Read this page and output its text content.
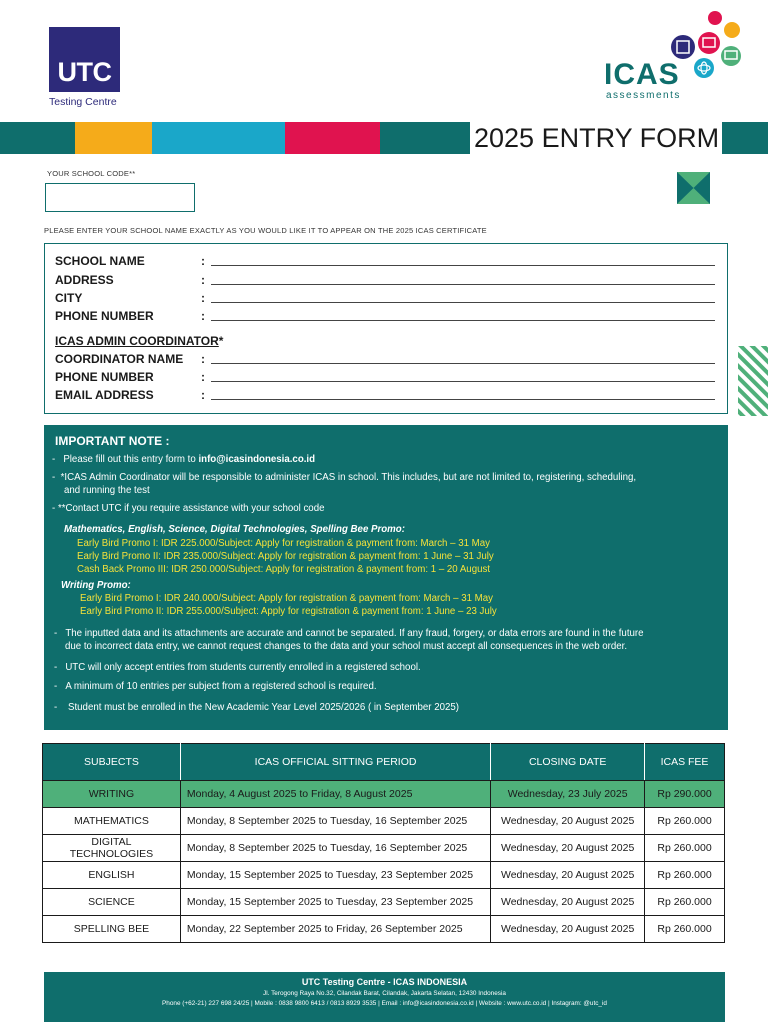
UTC
Testing Centre
ICAS
assessments
2025 ENTRY FORM
YOUR SCHOOL CODE**
PLEASE ENTER YOUR SCHOOL NAME EXACTLY AS YOU WOULD LIKE IT TO APPEAR ON THE 2025 ICAS CERTIFICATE
SCHOOL NAME	:
ADDRESS	:
CITY	:
PHONE NUMBER	:
ICAS ADMIN COORDINATOR*
COORDINATOR NAME :
PHONE NUMBER	:
EMAIL ADDRESS	:
IMPORTANT NOTE :

- Please fill out this entry form to info@icasindonesia.co.id

- *ICAS Admin Coordinator will be responsible to administer ICAS in school. This includes, but are not limited to, registering, scheduling,

and running the test

- **Contact UTC if you require assistance with your school code

Mathematics, English, Science, Digital Technologies, Spelling Bee Promo:

Early Bird Promo I: IDR 225.000/Subject: Apply for registration & payment from: March – 31 May

Early Bird Promo II: IDR 235.000/Subject: Apply for registration & payment from: 1 June – 31 July

Cash Back Promo III: IDR 250.000/Subject: Apply for registration & payment from: 1 – 20 August

Writing Promo:

Early Bird Promo I: IDR 240.000/Subject: Apply for registration & payment from: March – 31 May

Early Bird Promo II: IDR 255.000/Subject: Apply for registration & payment from: 1 June – 23 July

- The inputted data and its attachments are accurate and cannot be separated. If any fraud, forgery, or data errors are found in the future

due to incorrect data entry, we cannot request changes to the data and your school must accept all consequences in the web order.

- UTC will only accept entries from students currently enrolled in a registered school.

- A minimum of 10 entries per subject from a registered school is required.

- Student must be enrolled in the New Academic Year Level 2025/2026 ( in September 2025)

SUBJECTS	ICAS OFFICIAL SITTING PERIOD	CLOSING DATE	ICAS FEE
WRITING	Monday, 4 August 2025 to Friday, 8 August 2025	Wednesday, 23 July 2025	Rp 290.000
MATHEMATICS	Monday, 8 September 2025 to Tuesday, 16 September 2025	Wednesday, 20 August 2025	Rp 260.000
DIGITAL TECHNOLOGIES	Monday, 8 September 2025 to Tuesday, 16 September 2025	Wednesday, 20 August 2025	Rp 260.000
ENGLISH	Monday, 15 September 2025 to Tuesday, 23 September 2025	Wednesday, 20 August 2025	Rp 260.000
SCIENCE	Monday, 15 September 2025 to Tuesday, 23 September 2025	Wednesday, 20 August 2025	Rp 260.000
SPELLING BEE	Monday, 22 September 2025 to Friday, 26 September 2025	Wednesday, 20 August 2025	Rp 260.000
UTC Testing Centre - ICAS INDONESIA
Jl. Terogong Raya No.32, Cilandak Barat, Cilandak, Jakarta Selatan, 12430 Indonesia
Phone (+62-21) 227 698 24/25 | Mobile : 0838 9800 6413 / 0813 8929 3535 | Email : info@icasindonesia.co.id | Website : www.utc.co.id | Instagram: @utc_id
